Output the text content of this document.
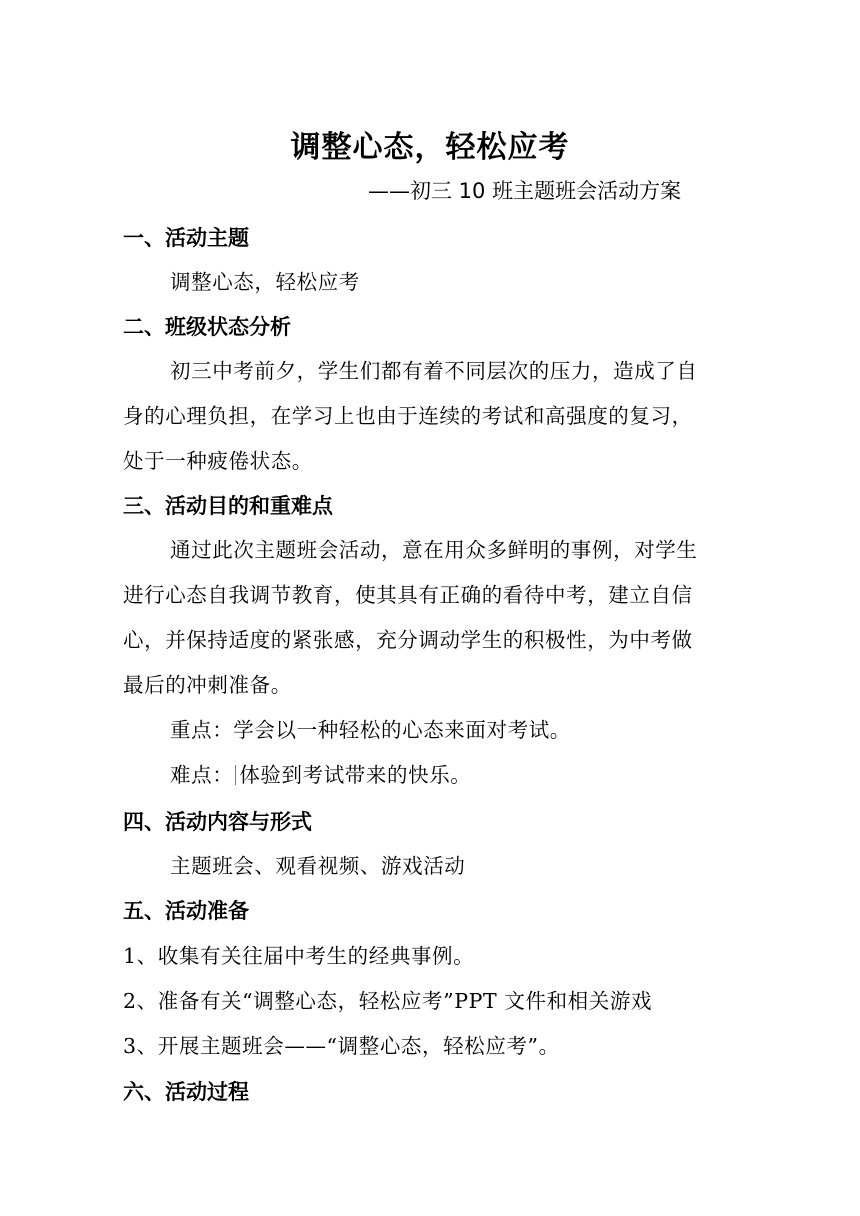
调整心态，轻松应考
——初三 10 班主题班会活动方案
一、活动主题
调整心态，轻松应考
二、班级状态分析
初三中考前夕，学生们都有着不同层次的压力，造成了自
身的心理负担，在学习上也由于连续的考试和高强度的复习，
处于一种疲倦状态。
三、活动目的和重难点
通过此次主题班会活动，意在用众多鲜明的事例，对学生
进行心态自我调节教育，使其具有正确的看待中考，建立自信
心，并保持适度的紧张感，充分调动学生的积极性，为中考做
最后的冲刺准备。
重点：学会以一种轻松的心态来面对考试。
难点： 体验到考试带来的快乐。
四、活动内容与形式
主题班会、观看视频、游戏活动
五、活动准备
1、收集有关往届中考生的经典事例。
2、准备有关“调整心态，轻松应考”PPT 文件和相关游戏
3、开展主题班会——“调整心态，轻松应考”。
六、活动过程
